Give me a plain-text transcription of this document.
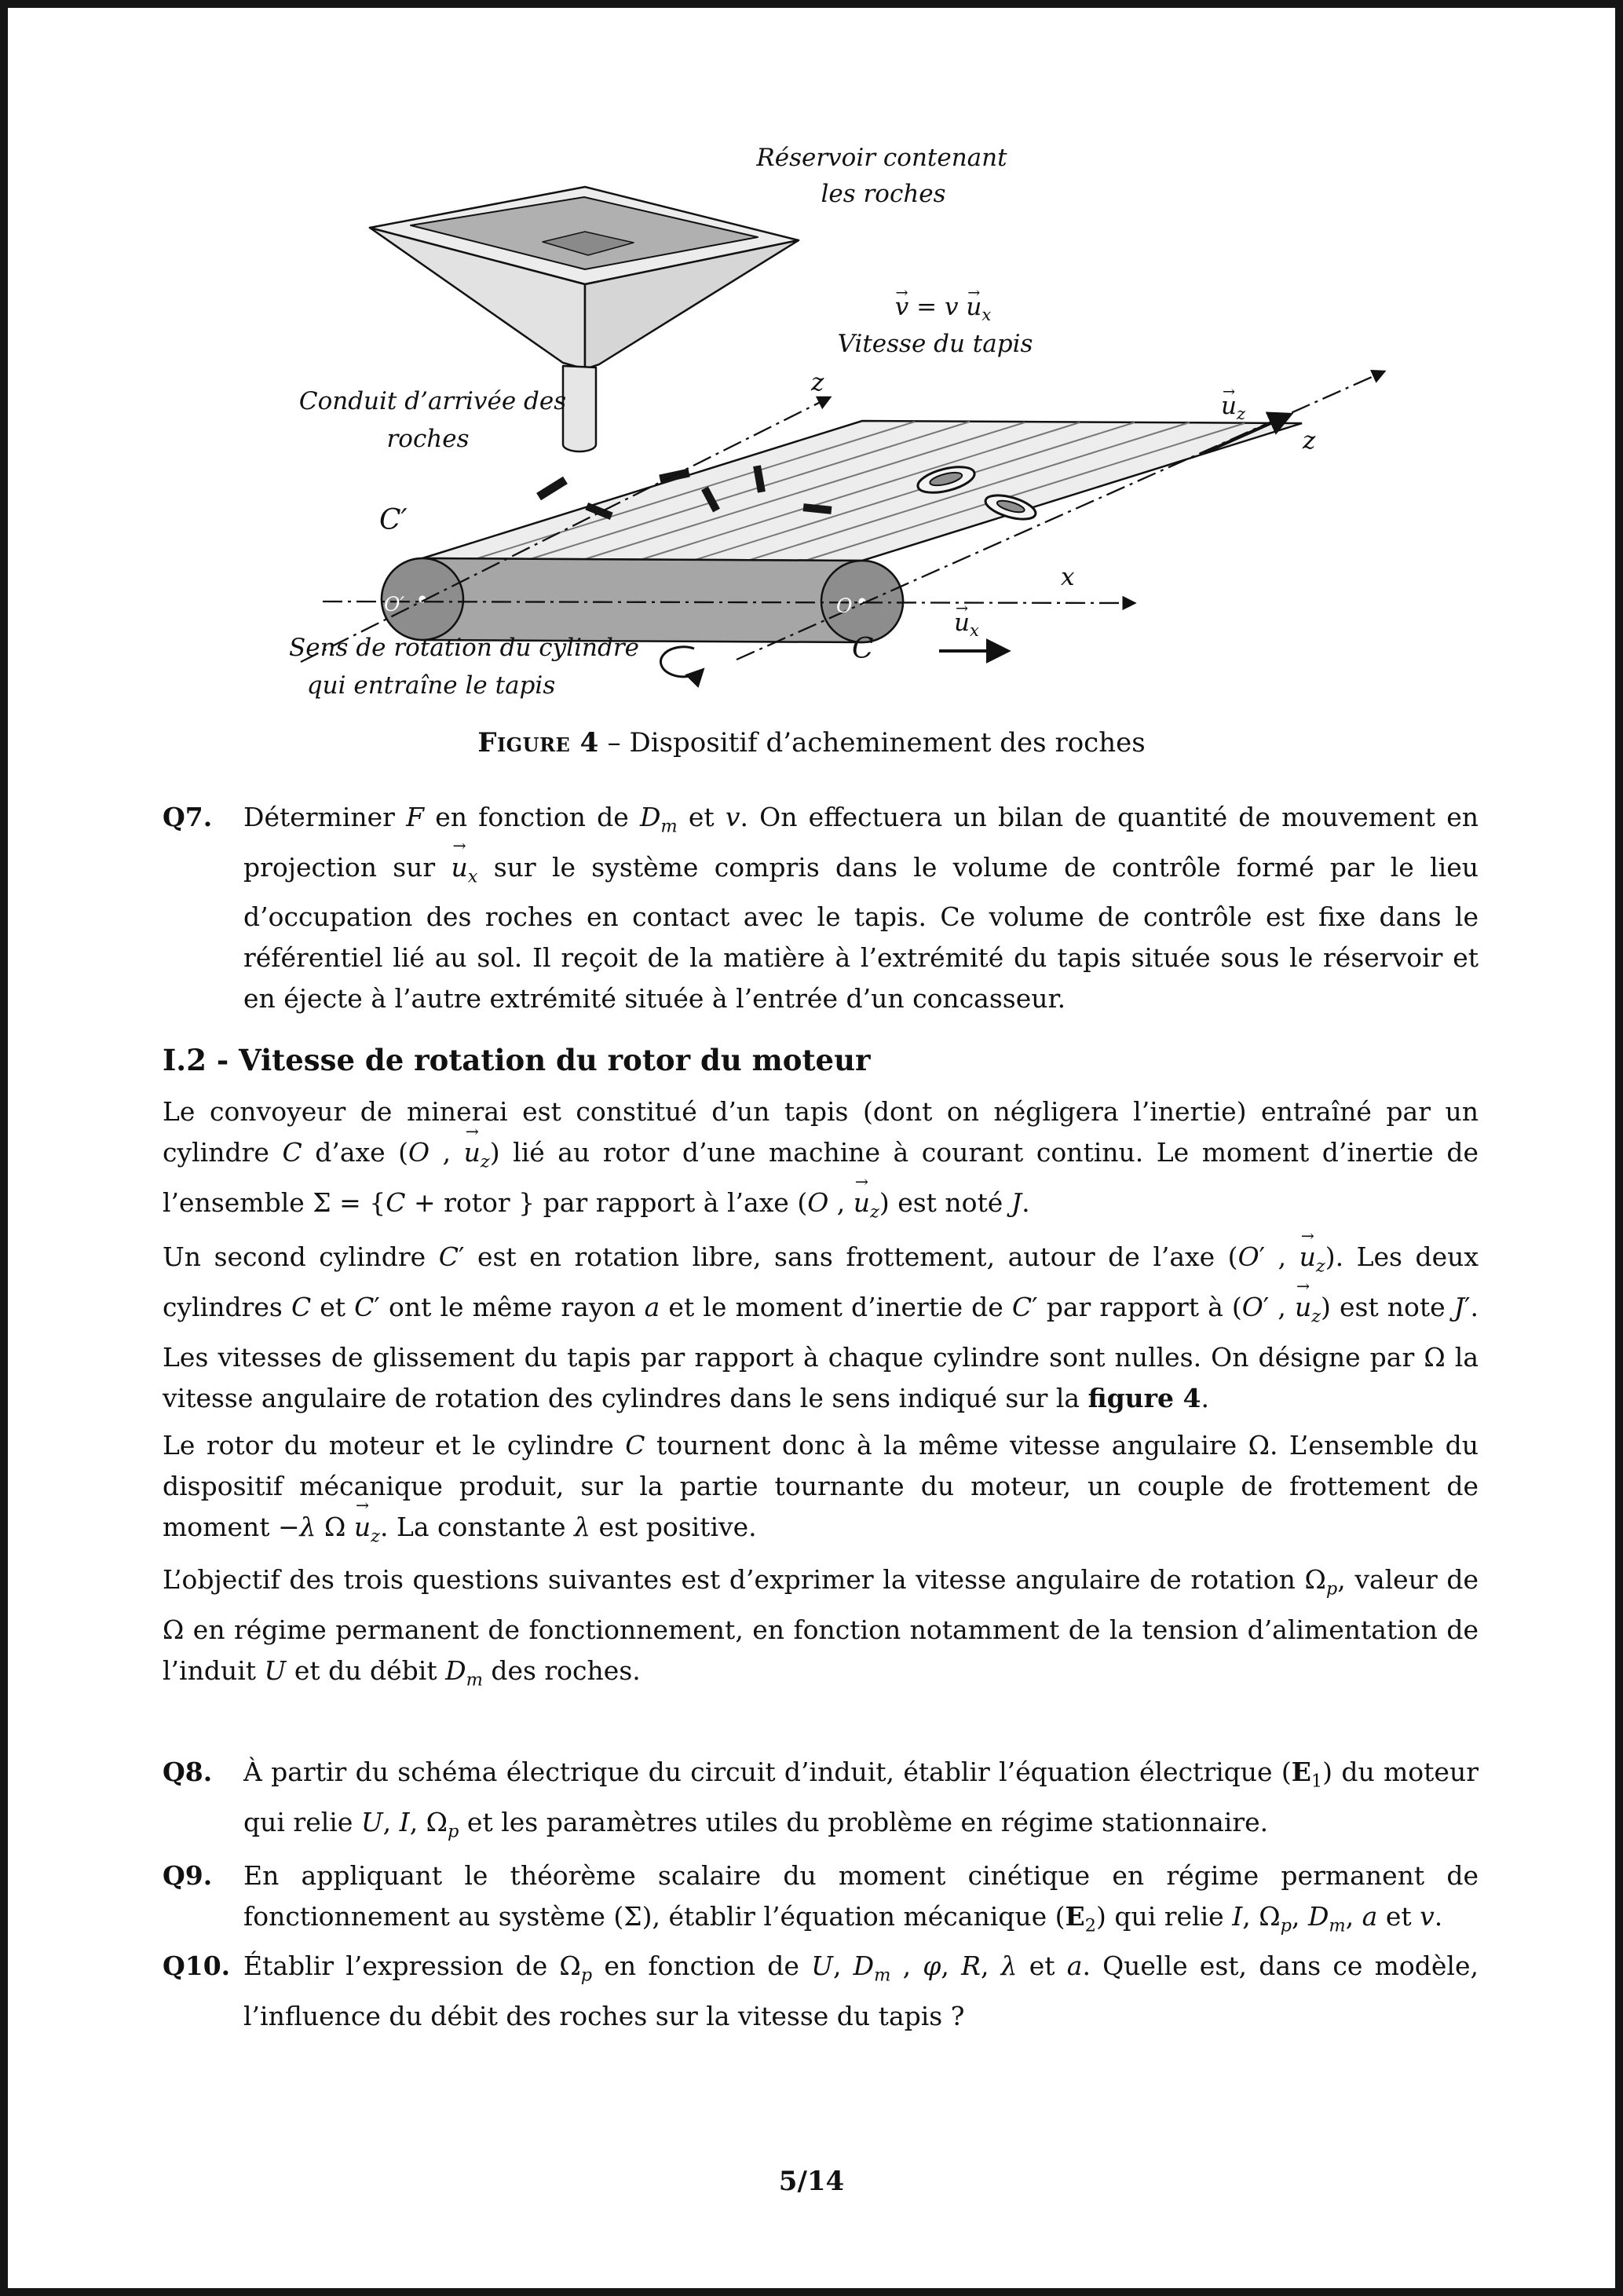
Réservoir contenant
les roches
v → = v $u \to_x$
Vitesse du tapis
Conduit d’arrivée des
roches
z
$u \to_z$
z
x
$u \to_x$
C′
C
O′	O
Sens de rotation du cylindre
qui entraîne le tapis
Figure 4 – Dispositif d’acheminement des roches
Q7. Déterminer F en fonction de $D_m$ et v. On effectuera un bilan de quantité de mouvement en projection sur $u \to_x$ sur le système compris dans le volume de contrôle formé par le lieu d’occupation des roches en contact avec le tapis. Ce volume de contrôle est fixe dans le référentiel lié au sol. Il reçoit de la matière à l’extrémité du tapis située sous le réservoir et en éjecte à l’autre extrémité située à l’entrée d’un concasseur.
I.2 - Vitesse de rotation du rotor du moteur

Le convoyeur de minerai est constitué d’un tapis (dont on négligera l’inertie) entraîné par un cylindre C d’axe (O , $u \to_z$) lié au rotor d’une machine à courant continu. Le moment d’inertie de l’ensemble Σ = {C + rotor } par rapport à l’axe (O , $u \to_z$) est noté J.

Un second cylindre C′ est en rotation libre, sans frottement, autour de l’axe (O′ , $u \to_z$). Les deux cylindres C et C′ ont le même rayon a et le moment d’inertie de C′ par rapport à (O′ , $u \to_z$) est note J′. Les vitesses de glissement du tapis par rapport à chaque cylindre sont nulles. On désigne par Ω la vitesse angulaire de rotation des cylindres dans le sens indiqué sur la figure 4.

Le rotor du moteur et le cylindre C tournent donc à la même vitesse angulaire Ω. L’ensemble du dispositif mécanique produit, sur la partie tournante du moteur, un couple de frottement de moment −λ Ω $u \to_z$. La constante λ est positive.

L’objectif des trois questions suivantes est d’exprimer la vitesse angulaire de rotation $\Omega_p$, valeur de Ω en régime permanent de fonctionnement, en fonction notamment de la tension d’alimentation de l’induit U et du débit $D_m$ des roches.

Q8. À partir du schéma électrique du circuit d’induit, établir l’équation électrique $(E_1)$ du moteur qui relie U, I, $\Omega_p$ et les paramètres utiles du problème en régime stationnaire.
Q9. En appliquant le théorème scalaire du moment cinétique en régime permanent de fonctionnement au système (Σ), établir l’équation mécanique $(E_2)$ qui relie I, $\Omega_p$, $D_m$, a et v.
Q10. Établir l’expression de $\Omega_p$ en fonction de U, $D_m$ , φ, R, λ et a. Quelle est, dans ce modèle, l’influence du débit des roches sur la vitesse du tapis ?
5/14
